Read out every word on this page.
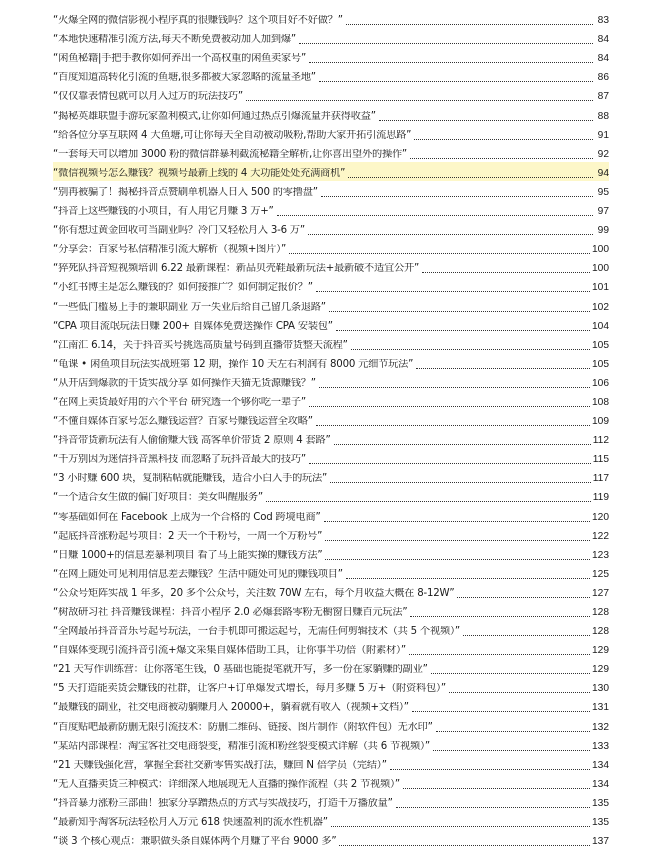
“火爆全网的微信影视小程序真的很赚钱吗？这个项目好不好做？”	83
“本地快速精准引流方法,每天不断免费被动加人加到爆”	84
“闲鱼秘籍|手把手教你如何养出一个高权重的闲鱼卖家号”	84
“百度知道高转化引流的鱼塘,很多都被大家忽略的流量圣地”	86
“仅仅靠表情包就可以月入过万的玩法技巧”	87
“揭秘英雄联盟手游玩家盈利模式,让你如何通过热点引爆流量并获得收益”	88
“给各位分享互联网 4 大鱼塘,可让你每天全自动被动吸粉,帮助大家开拓引流思路”	91
“一套每天可以增加 3000 粉的微信群暴利截流秘籍全解析,让你喜出望外的操作”	92
“微信视频号怎么赚钱？视频号最新上线的 4 大功能处处充满商机”	94
“别再被骗了！揭秘抖音点赞刷单机器人日入 500 的零撸盘”	95
“抖音上这些赚钱的小项目，有人用它月赚 3 万+”	97
“你有想过黄金回收可当副业吗？冷门又轻松月入 3-6 万”	99
“分享会：百家号私信精准引流大解析（视频+图片）”	100
“猝死队抖音短视频培训 6.22 最新课程：新品贝壳鞋最新玩法+最新破不适宜公开”	100
“小红书博主是怎么赚钱的？如何接推广？如何制定报价？”	101
“一些低门槛易上手的兼职副业 万一失业后给自己留几条退路”	102
“CPA 项目流氓玩法日赚 200+ 自媒体免费送操作 CPA 安装包”	104
“江南汇 6.14，关于抖音买号挑选高质量号码到直播带货整天流程”	105
“龟课 • 闲鱼项目玩法实战班第 12 期，操作 10 天左右利润有 8000 元细节玩法”	105
“从开店到爆款的干货实战分享 如何操作天猫无货源赚钱？”	106
“在网上卖货最好用的六个平台 研究透一个够你吃一辈子”	108
“不懂自媒体百家号怎么赚钱运营？百家号赚钱运营全攻略”	109
“抖音带货新玩法有人偷偷赚大钱 高客单价带货 2 原则 4 套路”	112
“千万别因为迷信抖音黑科技 而忽略了玩抖音最大的技巧”	115
“3 小时赚 600 块，复制粘帖就能赚钱，适合小白入手的玩法”	117
“一个适合女生做的偏门好项目：美女叫醒服务”	119
“零基础如何在 Facebook 上成为一个合格的 Cod 跨境电商”	120
“起底抖音涨粉起号项目：2 天一个千粉号，一周一个万粉号”	122
“日赚 1000+的信息差暴利项目 看了马上能实操的赚钱方法”	123
“在网上随处可见利用信息差去赚钱？生活中随处可见的赚钱项目”	125
“公众号矩阵实战 1 年多，20 多个公众号，关注数 70W 左右，每个月收益大概在 8-12W”	127
“树敌研习社 抖音赚钱课程：抖音小程序 2.0 必爆套路零粉无橱窗日赚百元玩法”	128
“全网最吊抖音音乐号起号玩法，一台手机即可搬运起号，无需任何剪辑技术（共 5 个视频）”	128
“自媒体变现引流抖音引流+爆文采集自媒体借助工具，让你事半功倍（附素材）”	129
“21 天写作训练营：让你落笔生钱，0 基础也能提笔就开写，多一份在家躺赚的副业”	129
“5 天打造能卖货会赚钱的社群，让客户+订单爆发式增长，每月多赚 5 万+（附资料包）”	130
“最赚钱的副业，社交电商被动躺赚月入 20000+，躺着就有收入（视频+文档）”	131
“百度贴吧最新防删无限引流技术：防删二维码、链接、图片制作（附软件包）无水印”	132
“某站内部课程：淘宝客社交电商裂变，精准引流和粉丝裂变模式详解（共 6 节视频）”	133
“21 天赚钱强化营，掌握全套社交新零售实战打法，赚回 N 倍学员（完结）”	134
“无人直播卖货三种模式：详细深入地展现无人直播的操作流程（共 2 节视频）”	134
“抖音暴力涨粉三部曲！独家分享蹭热点的方式与实战技巧，打造千万播放量”	135
“最新知乎淘客玩法轻松月入万元 618 快速盈利的流水性机器”	135
“谈 3 个核心观点：兼职做头条自媒体两个月赚了平台 9000 多”	137
